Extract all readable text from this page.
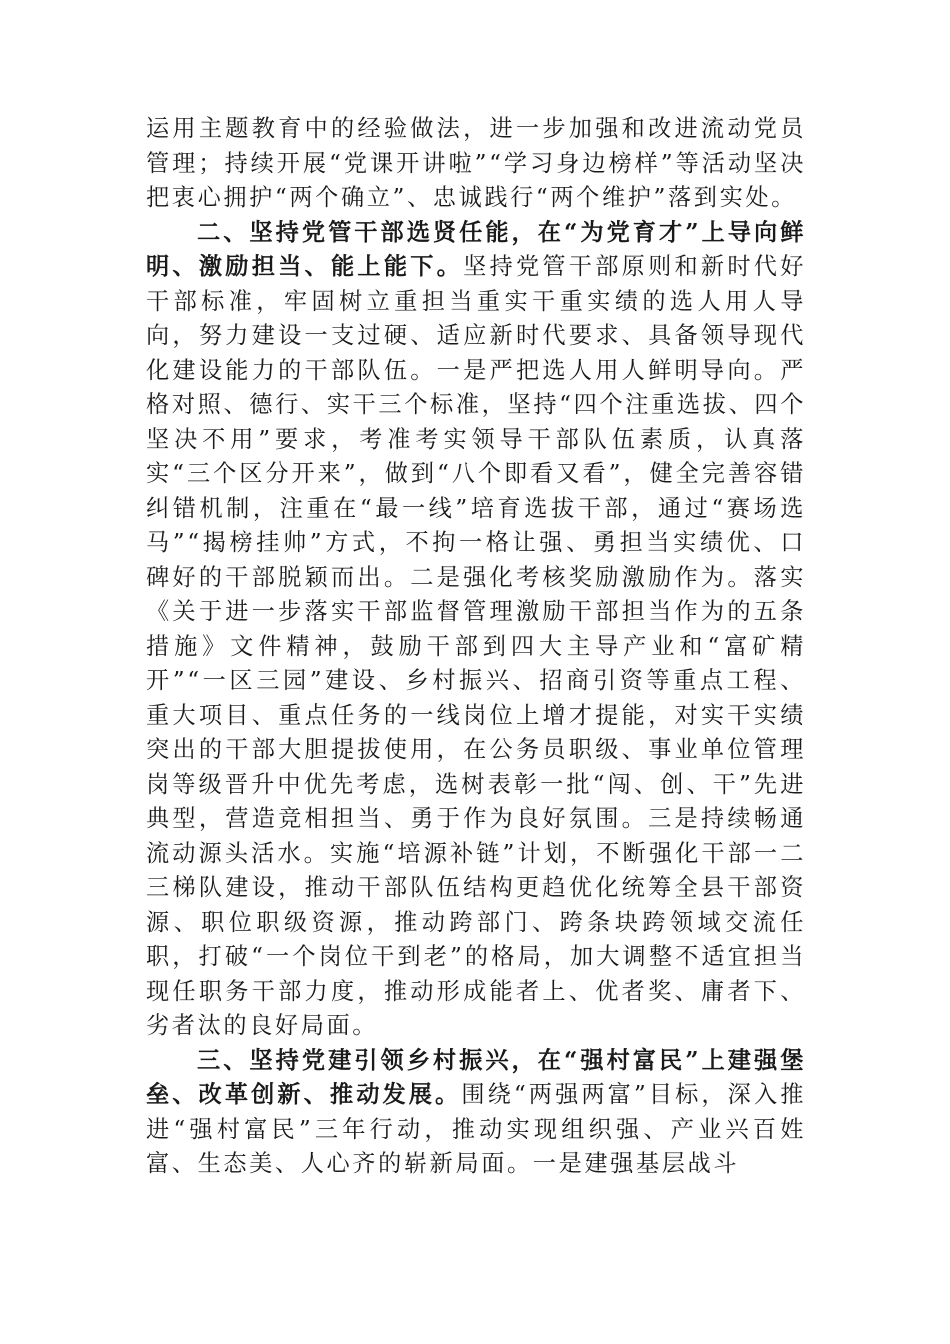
运用主题教育中的经验做法，进一步加强和改进流动党员管理；持续开展“党课开讲啦”“学习身边榜样”等活动坚决把衷心拥护“两个确立”、忠诚践行“两个维护”落到实处。

二、坚持党管干部选贤任能，在“为党育才”上导向鲜明、激励担当、能上能下。坚持党管干部原则和新时代好干部标准，牢固树立重担当重实干重实绩的选人用人导向，努力建设一支过硬、适应新时代要求、具备领导现代化建设能力的干部队伍。一是严把选人用人鲜明导向。严格对照、德行、实干三个标准，坚持“四个注重选拔、四个坚决不用”要求，考准考实领导干部队伍素质，认真落实“三个区分开来”，做到“八个即看又看”，健全完善容错纠错机制，注重在“最一线”培育选拔干部，通过“赛场选马”“揭榜挂帅”方式，不拘一格让强、勇担当实绩优、口碑好的干部脱颖而出。二是强化考核奖励激励作为。落实《关于进一步落实干部监督管理激励干部担当作为的五条措施》文件精神，鼓励干部到四大主导产业和“富矿精开”“一区三园”建设、乡村振兴、招商引资等重点工程、重大项目、重点任务的一线岗位上增才提能，对实干实绩突出的干部大胆提拔使用，在公务员职级、事业单位管理岗等级晋升中优先考虑，选树表彰一批“闯、创、干”先进典型，营造竞相担当、勇于作为良好氛围。三是持续畅通流动源头活水。实施“培源补链”计划，不断强化干部一二三梯队建设，推动干部队伍结构更趋优化统筹全县干部资源、职位职级资源，推动跨部门、跨条块跨领域交流任职，打破“一个岗位干到老”的格局，加大调整不适宜担当现任职务干部力度，推动形成能者上、优者奖、庸者下、劣者汰的良好局面。

三、坚持党建引领乡村振兴，在“强村富民”上建强堡垒、改革创新、推动发展。围绕“两强两富”目标，深入推进“强村富民”三年行动，推动实现组织强、产业兴百姓富、生态美、人心齐的崭新局面。一是建强基层战斗
